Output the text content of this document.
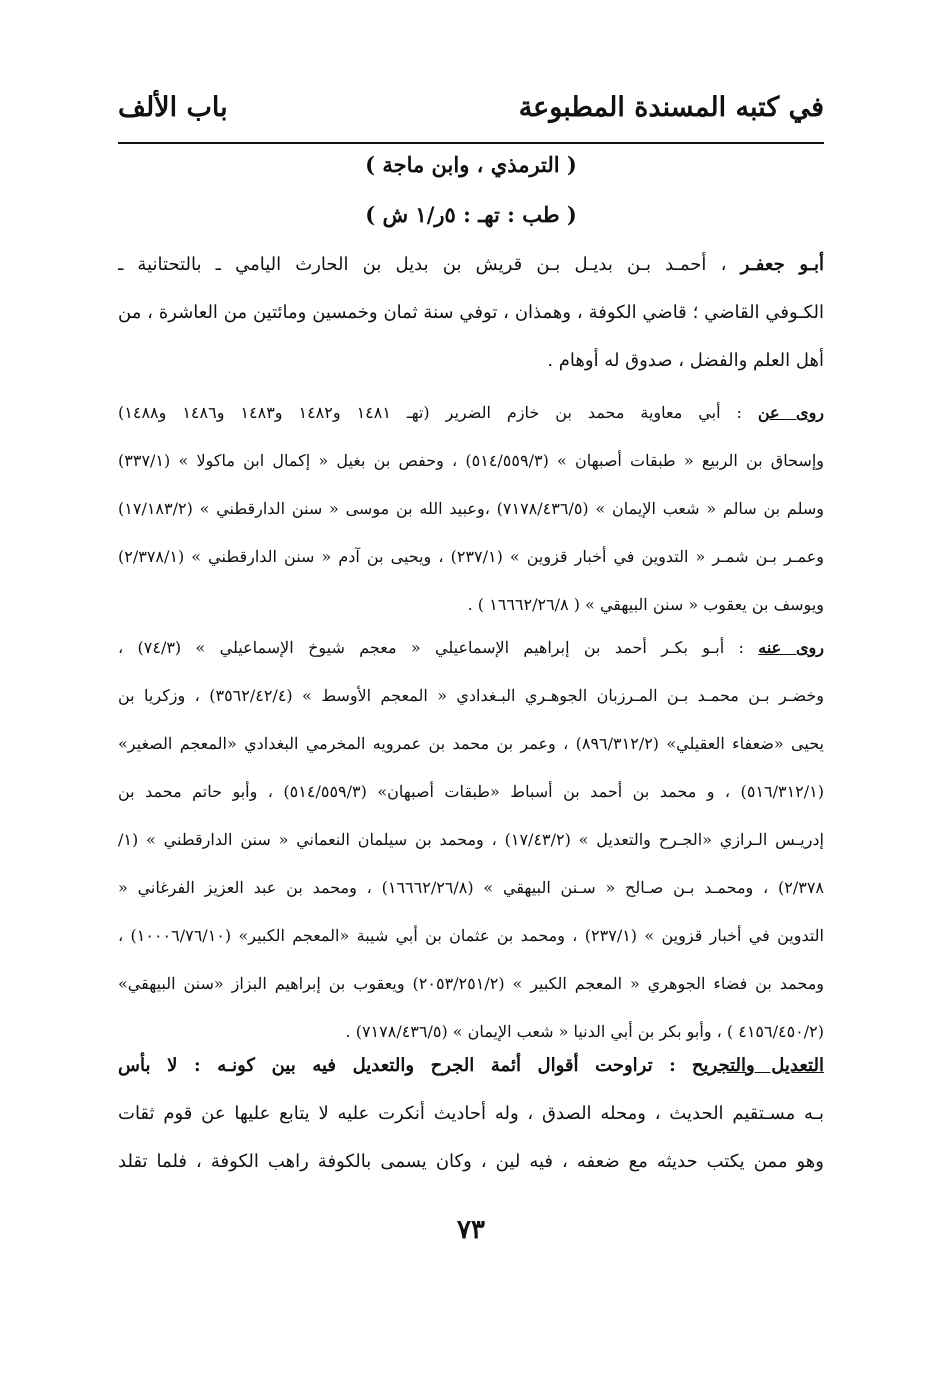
في كتبه المسندة المطبوعة
باب الألف
( الترمذي ، وابن ماجة )
( طب : تهـ : ٥ر/١ ش )
أبـو جعفـر ، أحمـد بـن بديـل بـن قريش بن بديل بن الحارث اليامي ـ بالتحتانية ـ
الكـوفي القاضي ؛ قاضي الكوفة ، وهمذان ، توفي سنة ثمان وخمسين ومائتين من العاشرة ، من
أهل العلم والفضل ، صدوق له أوهام .
روى عن : أبي معاوية محمد بن خازم الضرير (تهـ ١٤٨١ و١٤٨٢ و١٤٨٣ و١٤٨٦ و١٤٨٨)
وإسحاق بن الربيع « طبقات أصبهان » (٥١٤/٥٥٩/٣) ، وحفص بن بغيل « إكمال ابن ماكولا » (٣٣٧/١)
وسلم بن سالم « شعب الإيمان » (٧١٧٨/٤٣٦/٥) ،وعبيد الله بن موسى « سنن الدارقطني » (١٧/١٨٣/٢)
وعمـر بـن شمـر « التدوين في أخبار قزوين » (٢٣٧/١) ، ويحيى بن آدم « سنن الدارقطني » (٢/٣٧٨/١)
ويوسف بن يعقوب « سنن البيهقي » ( ١٦٦٦٢/٢٦/٨ ) .
روى عنه : أبـو بكـر أحمد بن إبراهيم الإسماعيلي « معجم شيوخ الإسماعيلي » (٧٤/٣) ،
وخضـر بـن محمـد بـن المـرزبان الجوهـري البـغدادي « المعجم الأوسط » (٣٥٦٢/٤٢/٤) ، وزكريا بن
يحيى «ضعفاء العقيلي» (٨٩٦/٣١٢/٢) ، وعمر بن محمد بن عمرويه المخرمي البغدادي «المعجم الصغير»
(٥١٦/٣١٢/١) ، و محمد بن أحمد بن أسباط «طبقات أصبهان» (٥١٤/٥٥٩/٣) ، وأبو حاتم محمد بن
إدريـس الـرازي «الجـرح والتعديل » (١٧/٤٣/٢) ، ومحمد بن سيلمان النعماني « سنن الدارقطني » (١/
٢/٣٧٨) ، ومحمـد بـن صـالح « سـنن البيهقي » (١٦٦٦٢/٢٦/٨) ، ومحمد بن عبد العزيز الفرغاني «
التدوين في أخبار قزوين » (٢٣٧/١) ، ومحمد بن عثمان بن أبي شيبة «المعجم الكبير» (١٠٠٠٦/٧٦/١٠) ،
ومحمد بن فضاء الجوهري « المعجم الكبير » (٢٠٥٣/٢٥١/٢) ويعقوب بن إبراهيم البزاز «سنن البيهقي»
(٤١٥٦/٤٥٠/٢ ) ، وأبو بكر بن أبي الدنيا « شعب الإيمان » (٧١٧٨/٤٣٦/٥) .
التعديل والتجريح : تراوحت أقوال أئمة الجرح والتعديل فيه بين كونـه : لا بأس
بـه مسـتقيم الحديث ، ومحله الصدق ، وله أحاديث أنكرت عليه لا يتابع عليها عن قوم ثقات
وهو ممن يكتب حديثه مع ضعفه ، فيه لين ، وكان يسمى بالكوفة راهب الكوفة ، فلما تقلد
٧٣
